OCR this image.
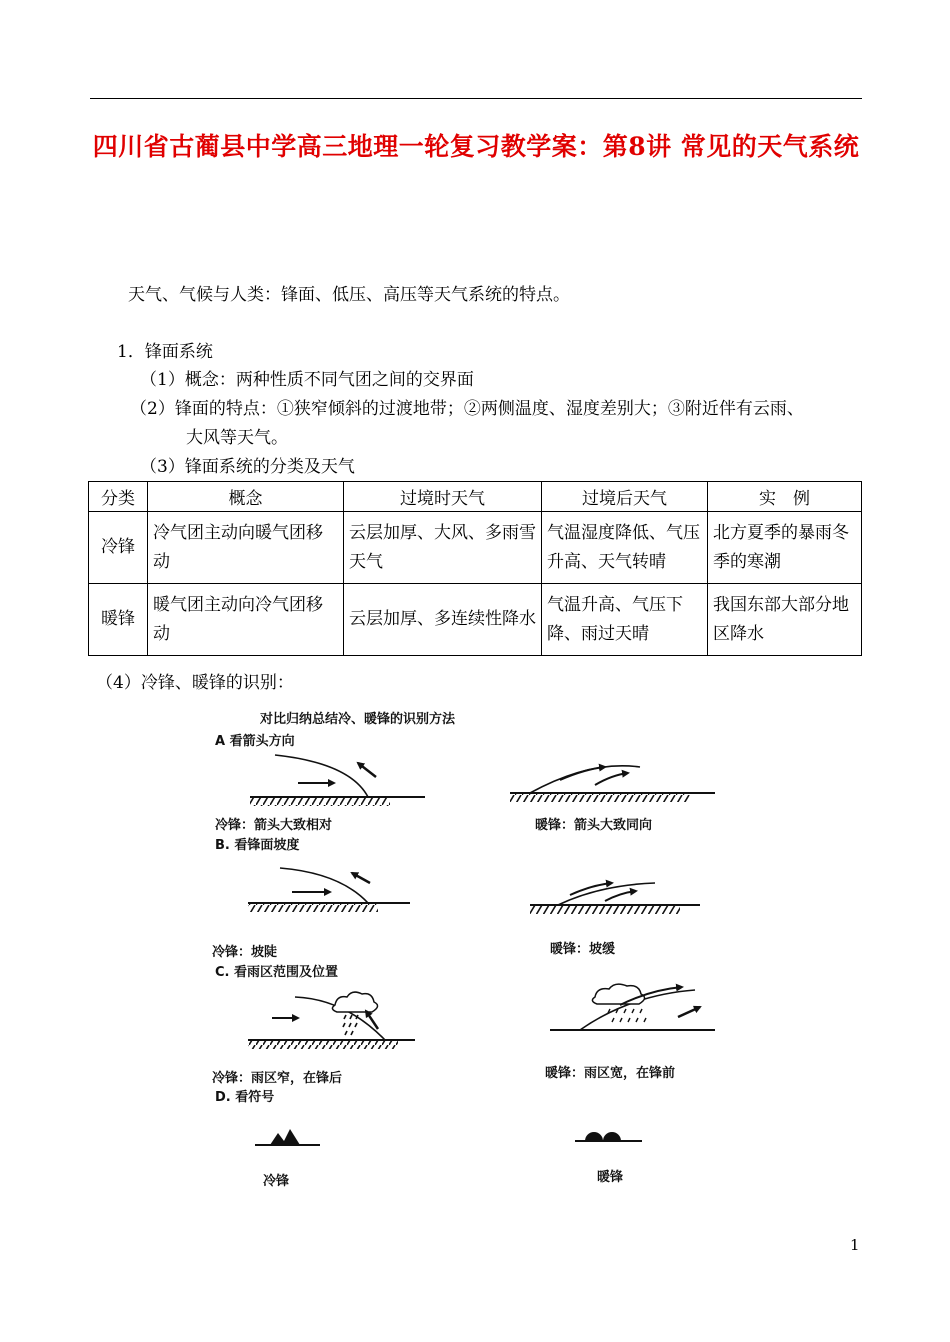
四川省古蔺县中学高三地理一轮复习教学案：第8讲 常见的天气系统
天气、气候与人类：锋面、低压、高压等天气系统的特点。
1．锋面系统
（1）概念：两种性质不同气团之间的交界面
（2）锋面的特点：①狭窄倾斜的过渡地带；②两侧温度、湿度差别大；③附近伴有云雨、
大风等天气。
（3）锋面系统的分类及天气
分类	概念	过境时天气	过境后天气	实　例
冷锋	冷气团主动向暖气团移动	云层加厚、大风、多雨雪天气	气温湿度降低、气压升高、天气转晴	北方夏季的暴雨冬季的寒潮
暖锋	暖气团主动向冷气团移动	云层加厚、多连续性降水	气温升高、气压下降、雨过天晴	我国东部大部分地区降水
（4）冷锋、暖锋的识别：
对比归纳总结冷、暖锋的识别方法
A 看箭头方向
冷锋：箭头大致相对	暖锋：箭头大致同向
B. 看锋面坡度
冷锋：坡陡	暖锋：坡缓
C. 看雨区范围及位置
冷锋：雨区窄，在锋后	暖锋：雨区宽，在锋前
D. 看符号
冷锋	暖锋
1
